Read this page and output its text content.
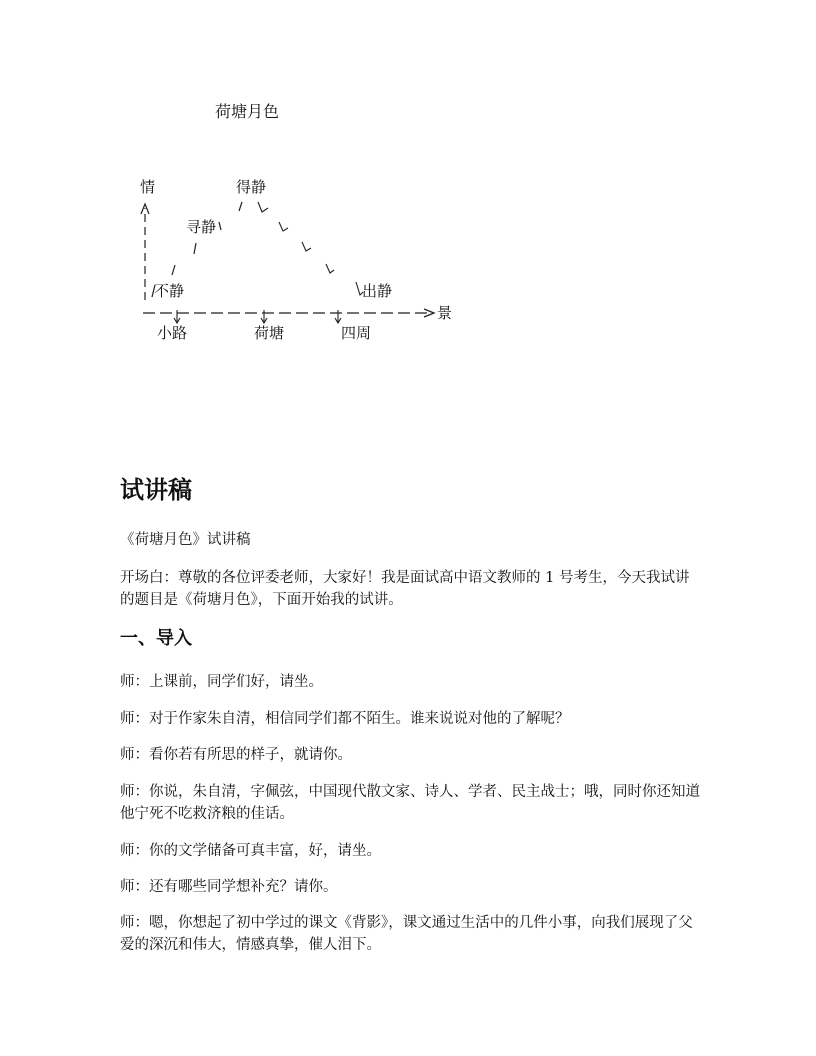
荷塘月色
情	得静
寻静
不静	出静
景
小路	荷塘	四周
试讲稿

《荷塘月色》试讲稿

开场白：尊敬的各位评委老师，大家好！我是面试高中语文教师的 1 号考生，今天我试讲的题目是《荷塘月色》，下面开始我的试讲。

一、导入

师：上课前，同学们好，请坐。

师：对于作家朱自清，相信同学们都不陌生。谁来说说对他的了解呢？

师：看你若有所思的样子，就请你。

师：你说，朱自清，字佩弦，中国现代散文家、诗人、学者、民主战士；哦，同时你还知道他宁死不吃救济粮的佳话。

师：你的文学储备可真丰富，好，请坐。

师：还有哪些同学想补充？请你。

师：嗯，你想起了初中学过的课文《背影》，课文通过生活中的几件小事，向我们展现了父爱的深沉和伟大，情感真挚，催人泪下。
